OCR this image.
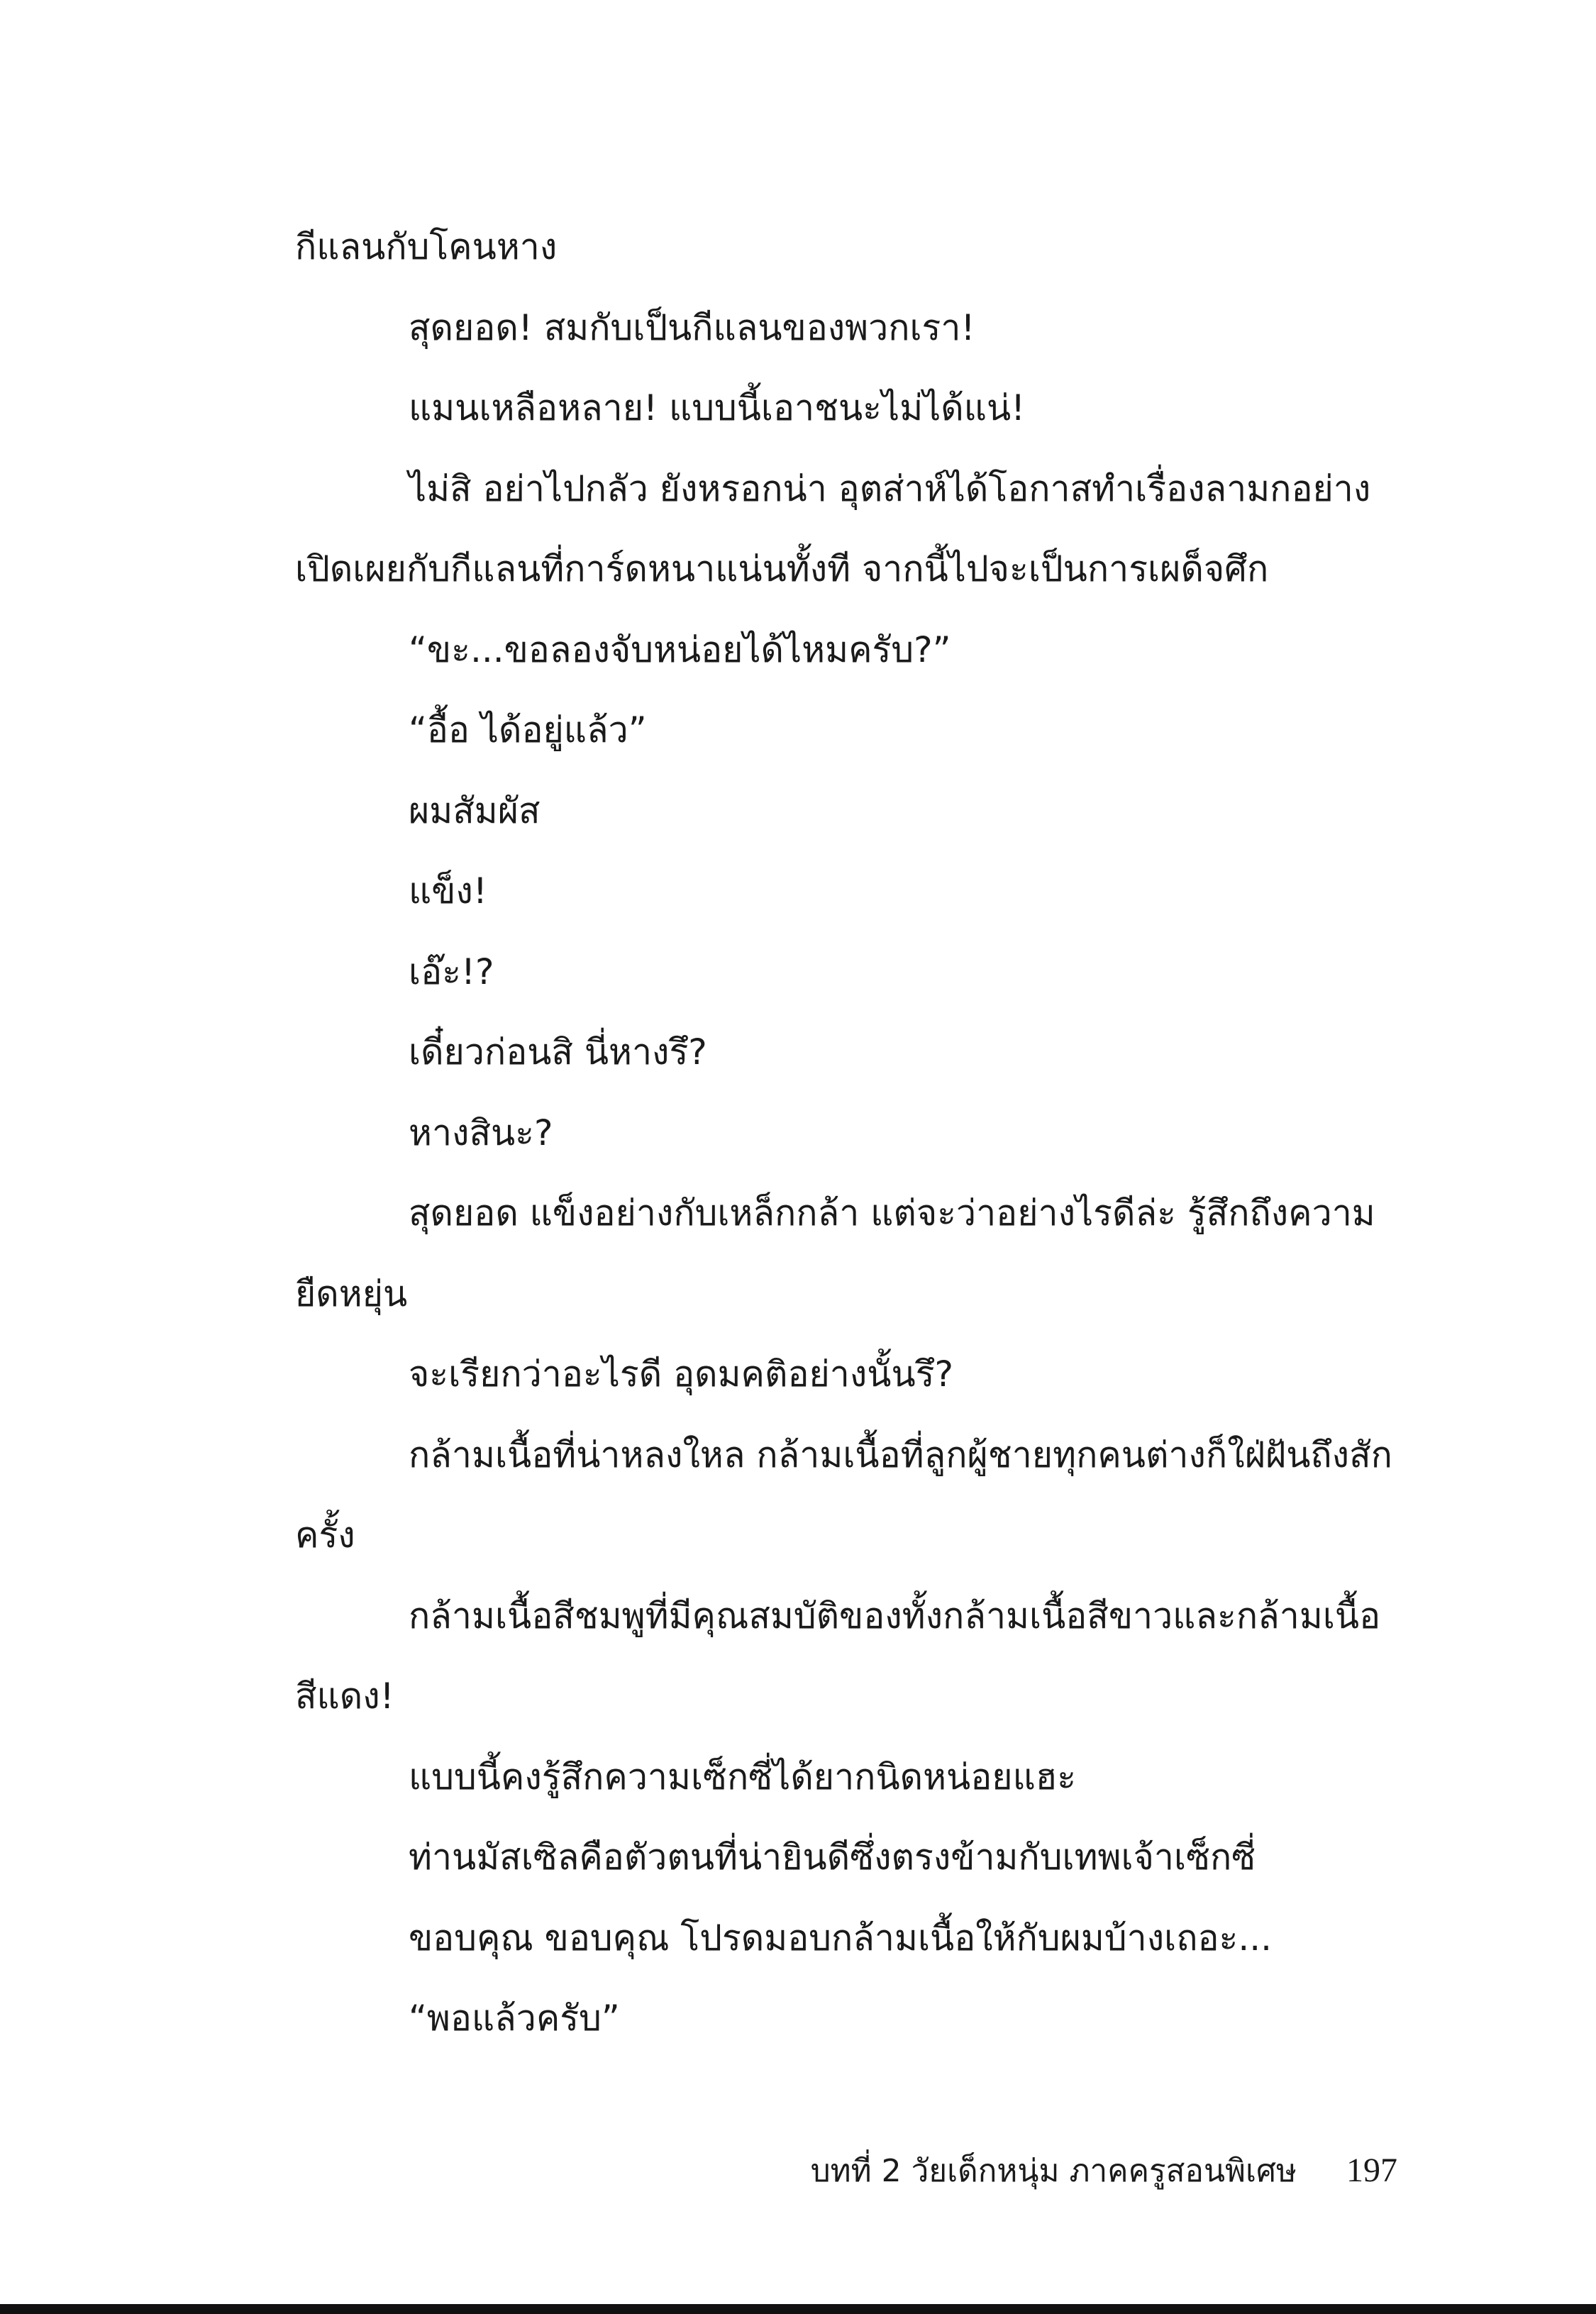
กีแลนกับโคนหาง

สุดยอด! สมกับเป็นกีแลนของพวกเรา!

แมนเหลือหลาย! แบบนี้เอาชนะไม่ได้แน่!

ไม่สิ อย่าไปกลัว ยังหรอกน่า อุตส่าห์ได้โอกาสทำเรื่องลามกอย่างเปิดเผยกับกีแลนที่การ์ดหนาแน่นทั้งที จากนี้ไปจะเป็นการเผด็จศึก

“ขะ...ขอลองจับหน่อยได้ไหมครับ?”

“อื้อ ได้อยู่แล้ว”

ผมสัมผัส

แข็ง!

เอ๊ะ!?

เดี๋ยวก่อนสิ นี่หางรึ?

หางสินะ?

สุดยอด แข็งอย่างกับเหล็กกล้า แต่จะว่าอย่างไรดีล่ะ รู้สึกถึงความยืดหยุ่น

จะเรียกว่าอะไรดี อุดมคติอย่างนั้นรึ?

กล้ามเนื้อที่น่าหลงใหล กล้ามเนื้อที่ลูกผู้ชายทุกคนต่างก็ใฝ่ฝันถึงสักครั้ง

กล้ามเนื้อสีชมพูที่มีคุณสมบัติของทั้งกล้ามเนื้อสีขาวและกล้ามเนื้อสีแดง!

แบบนี้คงรู้สึกความเซ็กซี่ได้ยากนิดหน่อยแฮะ

ท่านมัสเซิลคือตัวตนที่น่ายินดีซึ่งตรงข้ามกับเทพเจ้าเซ็กซี่

ขอบคุณ ขอบคุณ โปรดมอบกล้ามเนื้อให้กับผมบ้างเถอะ...

“พอแล้วครับ”

บทที่ 2 วัยเด็กหนุ่ม ภาคครูสอนพิเศษ 197
